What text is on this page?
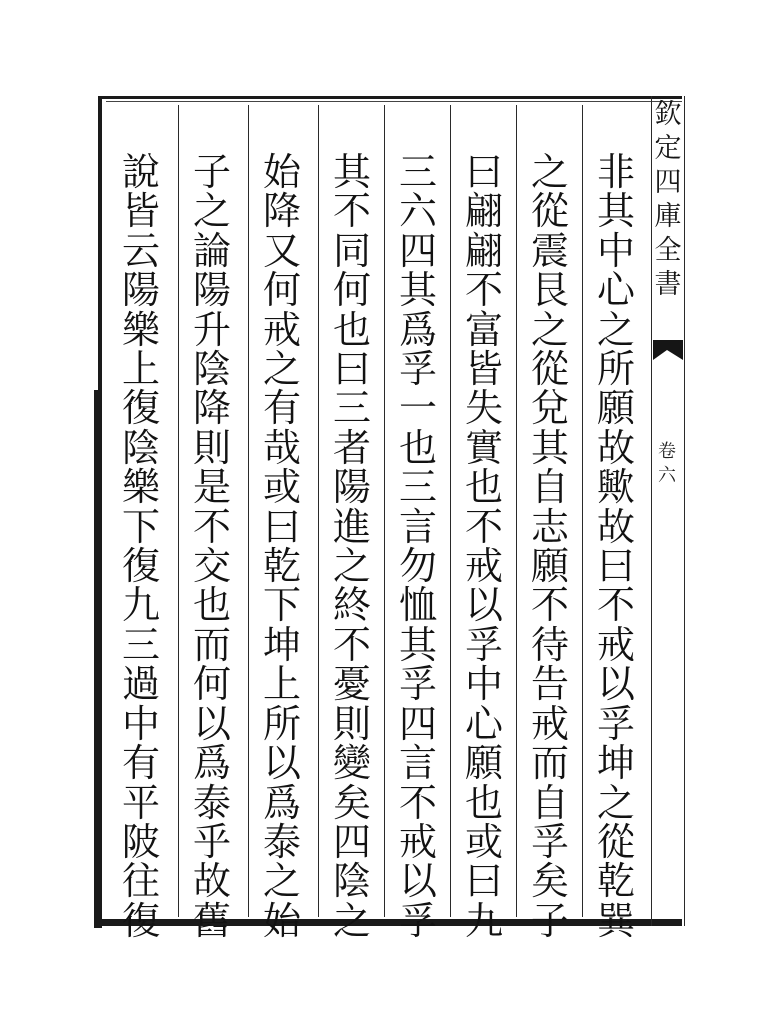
欽
定
四
庫
全
書
卷
六
非
其
中
心
之
所
願
故
歟
故
曰
不
戒
以
孚
坤
之
從
乾
巽
之
從
震
艮
之
從
兌
其
自
志
願
不
待
告
戒
而
自
孚
矣
子
曰
翩
翩
不
富
皆
失
實
也
不
戒
以
孚
中
心
願
也
或
曰
九
三
六
四
其
爲
孚
一
也
三
言
勿
恤
其
孚
四
言
不
戒
以
孚
其
不
同
何
也
曰
三
者
陽
進
之
終
不
憂
則
變
矣
四
陰
之
始
降
又
何
戒
之
有
哉
或
曰
乾
下
坤
上
所
以
爲
泰
之
始
子
之
論
陽
升
陰
降
則
是
不
交
也
而
何
以
爲
泰
乎
故
舊
說
皆
云
陽
樂
上
復
陰
樂
下
復
九
三
過
中
有
平
陂
往
復
